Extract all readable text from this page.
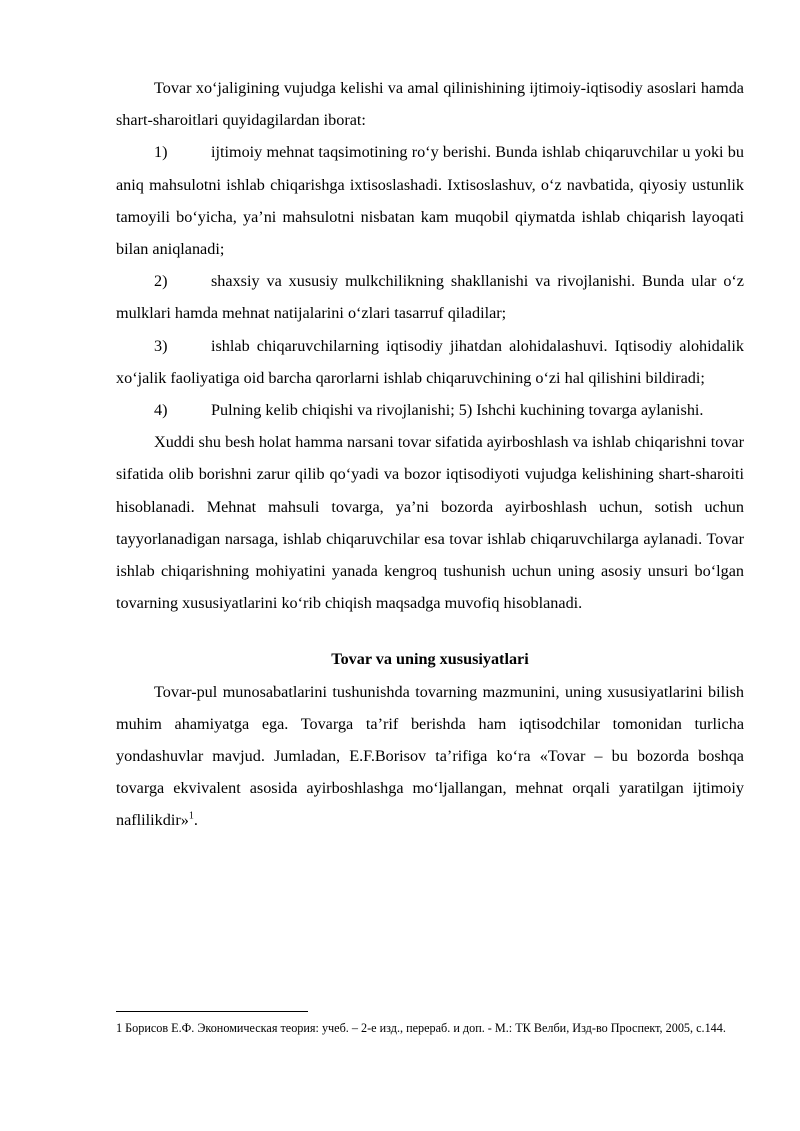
Tovar xo‘jaligining vujudga kelishi va amal qilinishining ijtimoiy-iqtisodiy asoslari hamda shart-sharoitlari quyidagilardan iborat:

1)	ijtimoiy mehnat taqsimotining ro‘y berishi. Bunda ishlab chiqaruvchilar u yoki bu aniq mahsulotni ishlab chiqarishga ixtisoslashadi. Ixtisoslashuv, o‘z navbatida, qiyosiy ustunlik tamoyili bo‘yicha, ya’ni mahsulotni nisbatan kam muqobil qiymatda ishlab chiqarish layoqati bilan aniqlanadi;

2)	shaxsiy va xususiy mulkchilikning shakllanishi va rivojlanishi. Bunda ular o‘z mulklari hamda mehnat natijalarini o‘zlari tasarruf qiladilar;

3)	ishlab chiqaruvchilarning iqtisodiy jihatdan alohidalashuvi. Iqtisodiy alohidalik xo‘jalik faoliyatiga oid barcha qarorlarni ishlab chiqaruvchining o‘zi hal qilishini bildiradi;

4)	Pulning kelib chiqishi va rivojlanishi; 5) Ishchi kuchining tovarga aylanishi.

Xuddi shu besh holat hamma narsani tovar sifatida ayirboshlash va ishlab chiqarishni tovar sifatida olib borishni zarur qilib qo‘yadi va bozor iqtisodiyoti vujudga kelishining shart-sharoiti hisoblanadi. Mehnat mahsuli tovarga, ya’ni bozorda ayirboshlash uchun, sotish uchun tayyorlanadigan narsaga, ishlab chiqaruvchilar esa tovar ishlab chiqaruvchilarga aylanadi. Tovar ishlab chiqarishning mohiyatini yanada kengroq tushunish uchun uning asosiy unsuri bo‘lgan tovarning xususiyatlarini ko‘rib chiqish maqsadga muvofiq hisoblanadi.

Tovar va uning xususiyatlari

Tovar-pul munosabatlarini tushunishda tovarning mazmunini, uning xususiyatlarini bilish muhim ahamiyatga ega. Tovarga ta’rif berishda ham iqtisodchilar tomonidan turlicha yondashuvlar mavjud. Jumladan, E.F.Borisov ta’rifiga ko‘ra «Tovar – bu bozorda boshqa tovarga ekvivalent asosida ayirboshlashga mo‘ljallangan, mehnat orqali yaratilgan ijtimoiy naflilikdir»$^1$.

1 Борисов Е.Ф. Экономическая теория: учеб. – 2-е изд., перераб. и доп. - М.: ТК Велби, Изд-во Проспект, 2005, с.144.
